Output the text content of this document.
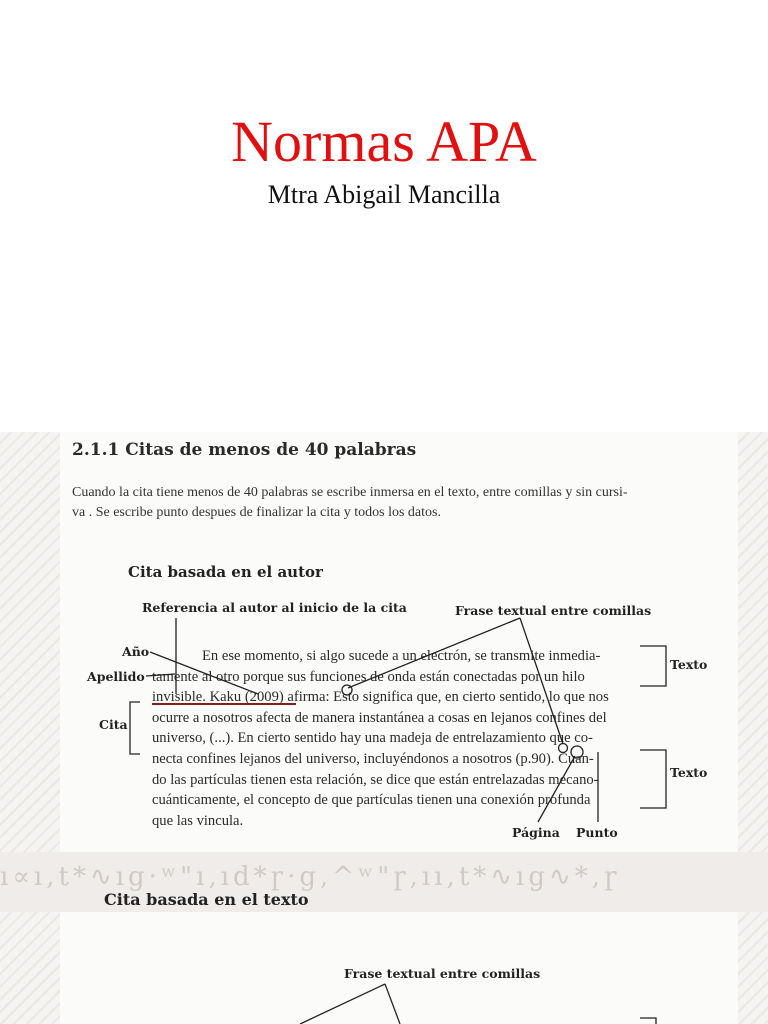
Normas APA
Mtra Abigail Mancilla
2.1.1 Citas de menos de 40 palabras
Cuando la cita tiene menos de 40 palabras se escribe inmersa en el texto, entre comillas y sin cursi-
va . Se escribe punto despues de finalizar la cita y todos los datos.
Cita basada en el autor
Referencia al autor al inicio de la cita	Frase textual entre comillas
Año
Apellido
Cita
Texto
Texto
Página Punto
En ese momento, si algo sucede a un electrón, se transmite inmedia-
tamente al otro porque sus funciones de onda están conectadas por un hilo
invisible. Kaku (2009) afirma: Esto significa que, en cierto sentido, lo que nos
ocurre a nosotros afecta de manera instantánea a cosas en lejanos confines del
universo, (...). En cierto sentido hay una madeja de entrelazamiento que co-
necta confines lejanos del universo, incluyéndonos a nosotros (p.90). Cuan-
do las partículas tienen esta relación, se dice que están entrelazadas mecano-
cuánticamente, el concepto de que partículas tienen una conexión profunda
que las vincula.
ı∝ı,t*∿ıg·ʷ"ı,ıd*ɼ·g,^ʷ"ɼ,ıı,t*∿ıg∿*,ɼ
Cita basada en el texto
Frase textual entre comillas
